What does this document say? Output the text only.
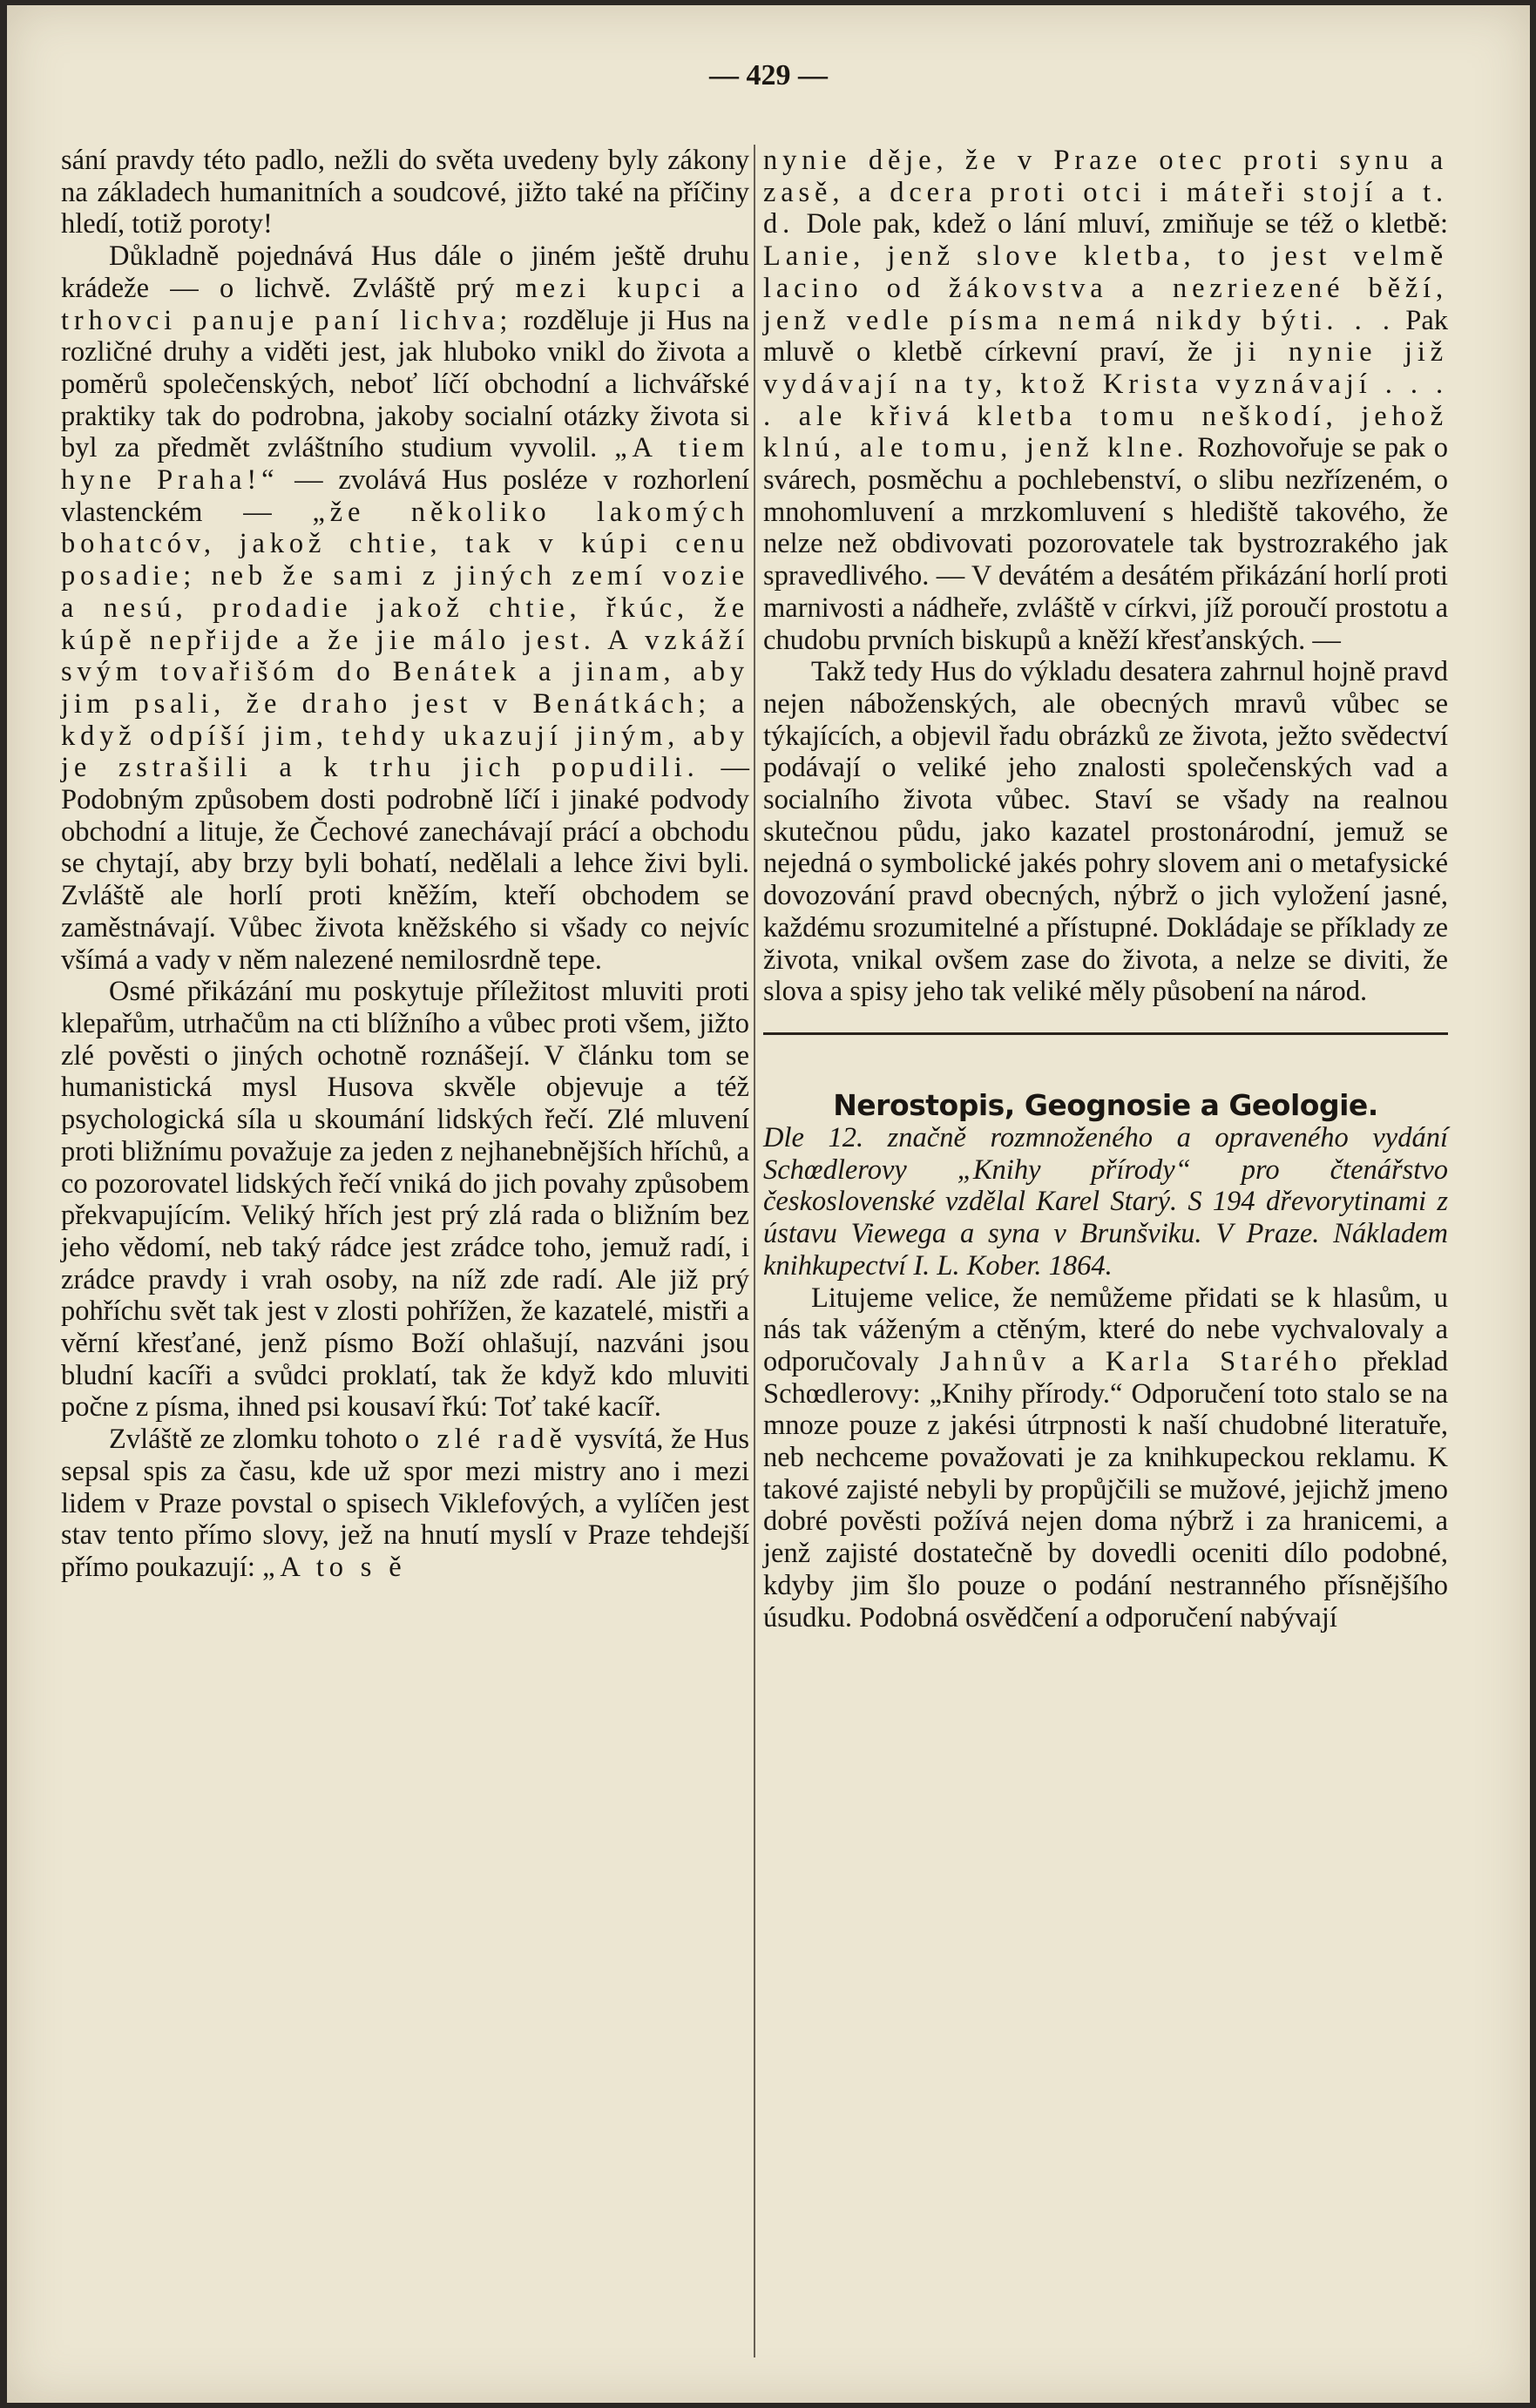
— 429 —

sání pravdy této padlo, nežli do světa uvedeny byly zákony na základech humanitních a soudcové, jižto také na příčiny hledí, totiž poroty!

Důkladně pojednává Hus dále o jiném ještě druhu krádeže — o lichvě. Zvláště prý mezi kupci a trhovci panuje paní lichva; rozděluje ji Hus na rozličné druhy a viděti jest, jak hluboko vnikl do života a poměrů společenských, neboť líčí obchodní a lichvářské praktiky tak do podrobna, jakoby socialní otázky života si byl za předmět zvláštního studium vyvolil. „A tiem hyne Praha!“ — zvolává Hus posléze v rozhorlení vlastenckém — „že několiko lakomých bohatcóv, jakož chtie, tak v kúpi cenu posadie; neb že sami z jiných zemí vozie a nesú, prodadie jakož chtie, řkúc, že kúpě nepřijde a že jie málo jest. A vzkáží svým tovařišóm do Benátek a jinam, aby jim psali, že draho jest v Benátkách; a když odpíší jim, tehdy ukazují jiným, aby je zstrašili a k trhu jich popudili. — Podobným způsobem dosti podrobně líčí i jinaké podvody obchodní a lituje, že Čechové zanechávají prácí a obchodu se chytají, aby brzy byli bohatí, nedělali a lehce živi byli. Zvláště ale horlí proti kněžím, kteří obchodem se zaměstnávají. Vůbec života kněžského si všady co nejvíc všímá a vady v něm nalezené nemilosrdně tepe.

Osmé přikázání mu poskytuje příležitost mluviti proti klepařům, utrhačům na cti blížního a vůbec proti všem, jižto zlé pověsti o jiných ochotně roznášejí. V článku tom se humanistická mysl Husova skvěle objevuje a též psychologická síla u skoumání lidských řečí. Zlé mluvení proti bližnímu považuje za jeden z nejhanebnějších hříchů, a co pozorovatel lidských řečí vniká do jich povahy způsobem překvapujícím. Veliký hřích jest prý zlá rada o bližním bez jeho vědomí, neb taký rádce jest zrádce toho, jemuž radí, i zrádce pravdy i vrah osoby, na níž zde radí. Ale již prý pohříchu svět tak jest v zlosti pohřížen, že kazatelé, mistři a věrní křesťané, jenž písmo Boží ohlašují, nazváni jsou bludní kacíři a svůdci proklatí, tak že když kdo mluviti počne z písma, ihned psi kousaví řkú: Toť také kacíř.

Zvláště ze zlomku tohoto o zlé radě vysvítá, že Hus sepsal spis za času, kde už spor mezi mistry ano i mezi lidem v Praze povstal o spisech Viklefových, a vylíčen jest stav tento přímo slovy, jež na hnutí myslí v Praze tehdejší přímo poukazují: „A to s ě

nynie děje, že v Praze otec proti synu a zasě, a dcera proti otci i máteři stojí a t. d. Dole pak, kdež o lání mluví, zmiňuje se též o kletbě: Lanie, jenž slove kletba, to jest velmě lacino od žákovstva a nezriezené běží, jenž vedle písma nemá nikdy býti. . . Pak mluvě o kletbě církevní praví, že ji nynie již vydávají na ty, ktož Krista vyznávají . . . . ale křivá kletba tomu neškodí, jehož klnú, ale tomu, jenž klne. Rozhovořuje se pak o svárech, posměchu a pochlebenství, o slibu nezřízeném, o mnohomluvení a mrzkomluvení s hlediště takového, že nelze než obdivovati pozorovatele tak bystrozrakého jak spravedlivého. — V devátém a desátém přikázání horlí proti marnivosti a nádheře, zvláště v církvi, jíž poroučí prostotu a chudobu prvních biskupů a kněží křesťanských. —

Takž tedy Hus do výkladu desatera zahrnul hojně pravd nejen náboženských, ale obecných mravů vůbec se týkajících, a objevil řadu obrázků ze života, ježto svědectví podávají o veliké jeho znalosti společenských vad a socialního života vůbec. Staví se všady na realnou skutečnou půdu, jako kazatel prostonárodní, jemuž se nejedná o symbolické jakés pohry slovem ani o metafysické dovozování pravd obecných, nýbrž o jich vyložení jasné, každému srozumitelné a přístupné. Dokládaje se příklady ze života, vnikal ovšem zase do života, a nelze se diviti, že slova a spisy jeho tak veliké měly působení na národ.

Nerostopis, Geognosie a Geologie.

Dle 12. značně rozmnoženého a opraveného vydání Schœdlerovy „Knihy přírody“ pro čtenářstvo československé vzdělal Karel Starý. S 194 dřevorytinami z ústavu Viewega a syna v Brunšviku. V Praze. Nákladem knihkupectví I. L. Kober. 1864.

Litujeme velice, že nemůžeme přidati se k hlasům, u nás tak váženým a ctěným, které do nebe vychvalovaly a odporučovaly Jahnův a Karla Starého překlad Schœdlerovy: „Knihy přírody.“ Odporučení toto stalo se na mnoze pouze z jakési útrpnosti k naší chudobné literatuře, neb nechceme považovati je za knihkupeckou reklamu. K takové zajisté nebyli by propůjčili se mužové, jejichž jmeno dobré pověsti požívá nejen doma nýbrž i za hranicemi, a jenž zajisté dostatečně by dovedli oceniti dílo podobné, kdyby jim šlo pouze o podání nestranného přísnějšího úsudku. Podobná osvědčení a odporučení nabývají
